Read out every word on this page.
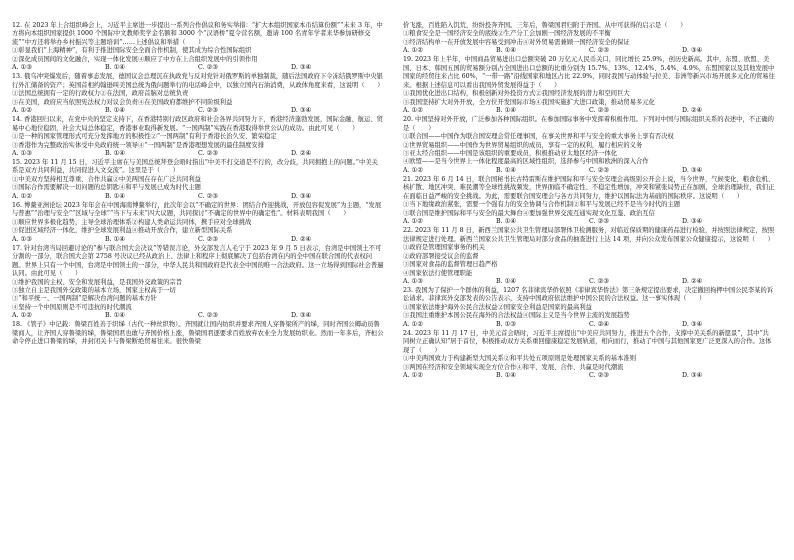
12. 在 2023 年上合组织峰会上，习近平主席进一步提出一系列合作倡议和务实举措：“扩大本组织国家本币结算份额”“未来 3 年，中方将向本组织国家提供 1000 个国际中文教师奖学金名额和 3000 个“汉语桥”夏令营名额，邀请 100 名青年学者来华参加研修交流”“中方还将举办乡村振兴等主题培训”……上述倡议和举措（　　）

①彰显我们“上海精神”，有利于推进国际安全全面合作机制，使其成为综合性国际组织

②深化成员国间的文化融合，实现一体化发展④顺应了中方在上合组织发展中的引领作用

A. ①③	B. ①④	C. ②③	D. ③④

13. 俄乌冲突爆发后，随着事态发展，德国议会总理沉在执政党与反对党针对俄罗斯的单独制裁，随后法国政府下令冻结俄罗斯中央银行外汇储备的资产；英国首相约翰逊叫美国总统为俄问题举行的电话峰会中，以独立国内石油消费，从政体角度来看，这说明（　　）

①法国总统拥有一定的行政权力②在法国，政府首脑对总统负责

③在美国，政府应当依照宪法权力对议会负责④在美国政府都维护不同阶级利益

A. ①②	B. ①④	C. ②③	D. ③④

14. 香港回归以来，在党中央的坚定支持下，在香港特别行政区政府和社会各界共同努力下，香港经济蓬勃发展，国际金融、航运、贸易中心地位稳固，社会大局总体稳定，香港事业取得新发展。“一国两制”实践在香港取得举世公认的成功。由此可见（　　）

①是一种的国家管理形式可充分发挥地方的积极性②“一国两制”有利于香港长治久安、繁荣稳定

③香港作为完整政治实体受中央政府统一领导④“一国两制”是香港理想发展的最佳制度安排

A. ①③	B. ①④	C. ②③	D. ②④

15. 2023 年 11 月 15 日，习近平主席在与美国总统拜登会晤时指出“中美不打交道是不行的，改分歧，共同拥抱上的问题。”中美关系是双方共同利益，共同促进人文交流”。这里是于（　　）

①中美双方坚持相互尊重、合作共赢②中美两国在存在广泛共同利益

③国际合作需要解决一切问题的总钥匙④和平与发展已成为时代主题

A. ①②	B. ①④	C. ②③	D. ③④

16. 博鳌亚洲论坛 2023 年年会在中国海南博鳌举行，此次年会以“不确定的世界：团结合作迎挑战，开放包容促发展”为主题，“发展与普惠”“治理与安全”“区域与全球”“当下与未来”四大议题，共同探讨“不确定的世界中的确定性”。材料表明我国（　　）

①顺应世界多极化趋势，主导全球治理体系②构建人类命运共同体，携手应对全球挑战

③促进区域经济一体化，维护全球发展利益④推动开放合作，建立新型国际关系

A. ①③	B. ①④	C. ②③	D. ②④

17. 针对台湾当局回避讨论的“参与联合国大会决议”等错误言论，外交部发言人毛宁于 2023 年 9 月 5 日表示，台湾是中国领土不可分割的一部分，联合国大会第 2758 号决议已经从政治上、法律上和程序上彻底解决了包括台湾在内的全中国在联合国的代表权问题。世界上只有一个中国，台湾是中国领土的一部分，中华人民共和国政府是代表全中国的唯一合法政府。这一立场得到国际社会普遍认同。由此可见（　　）

①维护我国的主权、安全和发展利益，是我国外交政策的宗旨

③独立自主是我国外交政策的基本立场，国家主权高于一切

③“和平统一、一国两制”是解决台湾问题的基本方针

④坚持一个中国原则是不可违抗的时代潮流

A. ①②	B. ①④	C. ②③	D. ③④

18. 《管子》中记载：鲁梁百姓善于织绨（古代一种丝织物）。齐国就让国内纺织并要求齐国人穿鲁梁所产的绨，同时齐国公卿动员鲁梁商人，让齐国人穿鲁梁的绨，鲁梁国君也敢与齐国价格上涨，鲁梁国君逐要求百姓放弃农业全力发展纺织业。然而一年多后，齐桓公命令停止进口鲁梁的绨，并封闭关卡与鲁梁断绝贸易往来。很快鲁梁

价飞涨，百姓陷入饥荒，纷纷投奔齐国。三年后，鲁梁国君归附于齐国。从中可获得的启示是（　　）

①粮食安全是一国经济安全的底线②生产分工会加剧一国经济发展的不平衡

③经济结构单一在开放发展中容易受到冲击④对外贸易需兼顾一国经济安全的保证

A. ①②	B. ①④	C. ②③	D. ③④

19. 2023 年上半年，中国商品贸易进出口总额突破 20 万亿元人民币关口，同比增长 25.9%，创历史新高。其中，东盟、欧盟、美国、日本、韩国五国的贸易额分别占全国进出口总额的比重分别为 15.7%、13%、12.4%、5.4%、4.9%，东盟国家以及其他发展中国家的经贸往来占比 60%，“一带一路”沿线国家和地区占比 22.9%，同时我国与动体验与拉美、非洲等新兴市场开展多元化的贸易往来。根据上述信息可以看出我国外贸发展得益于（　　）

①我国优化进出口结构，积极创新对外投资方式②我国经济发展的潜力和空间巨大

③我国坚持扩大对外开放，全方位开发国际市场④我国实施扩大进口政策，推动贸易多元化

A. ①②	B. ①④	C. ②③	D. ②④

20. 中国坚持对外开放，广泛参加各种国际组织。在参加国际事务中发挥着积极作用。下列对中国与国际组织关系的表述中，不正确的是（　　）

①联合国——中国作为联合国安理会常任理事国，在事关世界和平与安全的重大事务上享有否决权

②世界贸易组织——中国作为世界贸易组织的成员，享有一定的权利，履行相应的义务

③亚太经合组织——中国是该组织的重要成员，积极推动亚太地区经济一体化

④欧盟——是当今世界上一体化程度最高的区域性组织，选择参与中国和欧洲的深入合作

A. ①②	B. ①④	C. ②③	D. ③④

21. 2023 年 6 月 14 日，联合国秘书长古特雷斯在维护国际和平与安全安理会高级别公开会上说，当今世界，气候变化、粮食危机、核扩散、地区冲突、难民潮等全球性挑战频发，世界面临不确定性、不稳定性增加，冲突和紧张局势正在加剧，全球治理缺位，我们正在面临日益严峻的安全挑战。为此，需要联合国安理会与各方共同努力，维护以国际法为基础的国际秩序。这说明（　　）

①当下地缘政治紧张，需要一个强有力的安全协调与合作机制②和平与发展已经不是当今时代的主题

③联合国是维护国际和平与安全的最大舞台④要加强世界交流互通实现文化互鉴、政治互信

A. ①②	B. ①④	C. ②③	D. ③④

22. 2023 年 11 月 8 日，新西兰国家公共卫生管理局部署体卫检测服务，对临近保质期的健康药品进行检验，并按照法律规定，按照法律规定进行处理。新西兰国家公共卫生管理局对部分食品的抽查进行上达 14 项，并向公众发布国家公众健康提示，这说明（　　）

①政府是管理国家事务的机关

②政府部署接受议会的监督

③国家对食品的监督管理日趋严格

④国家依法行使管理职能

A. ①③	B. ①④	C. ②③	D. ②④

23. 我国为了保护一个群体的利益，1207 名菲律宾华侨依照《菲律宾华侨法》第三条规定提出要求，决定撤回拘押中国公民李某的诉讼请求。菲律宾外交部发表的公告表示，支持中国政府依法维护中国公民的合法权益。这一事实体现（　　）

①国家依法维护海外公民合法权益②国家安全利益是国家的最高利益

③我国注重维护本国公民在海外的合法权益④国际主义是当今世界主流的发展趋势

A. ①②	B. ①③	C. ②④	D. ③④

24. 2023 年 11 月 17 日，中美元首会晤时，习近平主席提出“中美应共同努力，推进五个合作，支撑中美关系的新愿景”，其中“共同树立正确认知”居于首位，积极推动双方关系重回健康稳定发展轨道，相向而行，推动了中国与其他国家更广泛更深入的合作。这体现了（　　）

①中美两国致力于构建新型大国关系②和平共处五项原则是处理国家关系的基本准则

③两国在经济和安全领域实现全方位合作④和平、发展、合作、共赢是时代潮流

A. ①②	B. ①④	C. ②③	D. ③④
